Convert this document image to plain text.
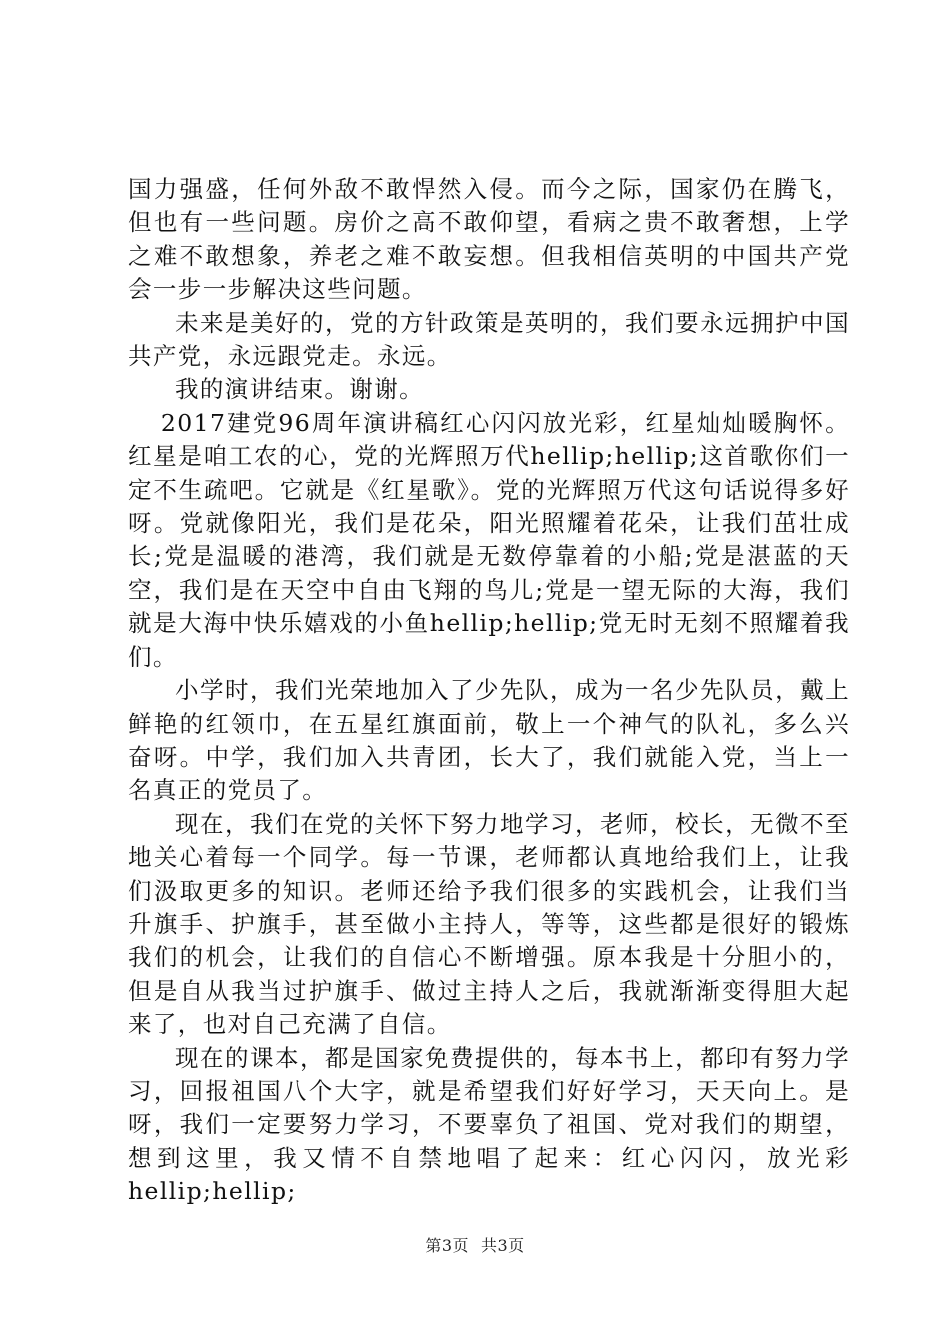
国力强盛，任何外敌不敢悍然入侵。而今之际，国家仍在腾飞，但也有一些问题。房价之高不敢仰望，看病之贵不敢奢想，上学之难不敢想象，养老之难不敢妄想。但我相信英明的中国共产党会一步一步解决这些问题。

未来是美好的，党的方针政策是英明的，我们要永远拥护中国共产党，永远跟党走。永远。

我的演讲结束。谢谢。

2017建党96周年演讲稿红心闪闪放光彩，红星灿灿暖胸怀。红星是咱工农的心，党的光辉照万代hellip;hellip;这首歌你们一定不生疏吧。它就是《红星歌》。党的光辉照万代这句话说得多好呀。党就像阳光，我们是花朵，阳光照耀着花朵，让我们茁壮成长;党是温暖的港湾，我们就是无数停靠着的小船;党是湛蓝的天空，我们是在天空中自由飞翔的鸟儿;党是一望无际的大海，我们就是大海中快乐嬉戏的小鱼hellip;hellip;党无时无刻不照耀着我们。

小学时，我们光荣地加入了少先队，成为一名少先队员，戴上鲜艳的红领巾，在五星红旗面前，敬上一个神气的队礼，多么兴奋呀。中学，我们加入共青团，长大了，我们就能入党，当上一名真正的党员了。

现在，我们在党的关怀下努力地学习，老师，校长，无微不至地关心着每一个同学。每一节课，老师都认真地给我们上，让我们汲取更多的知识。老师还给予我们很多的实践机会，让我们当升旗手、护旗手，甚至做小主持人，等等，这些都是很好的锻炼我们的机会，让我们的自信心不断增强。原本我是十分胆小的，但是自从我当过护旗手、做过主持人之后，我就渐渐变得胆大起来了，也对自己充满了自信。

现在的课本，都是国家免费提供的，每本书上，都印有努力学习，回报祖国八个大字，就是希望我们好好学习，天天向上。是呀，我们一定要努力学习，不要辜负了祖国、党对我们的期望，想到这里，我又情不自禁地唱了起来：红心闪闪，放光彩hellip;hellip;

第3页 共3页
